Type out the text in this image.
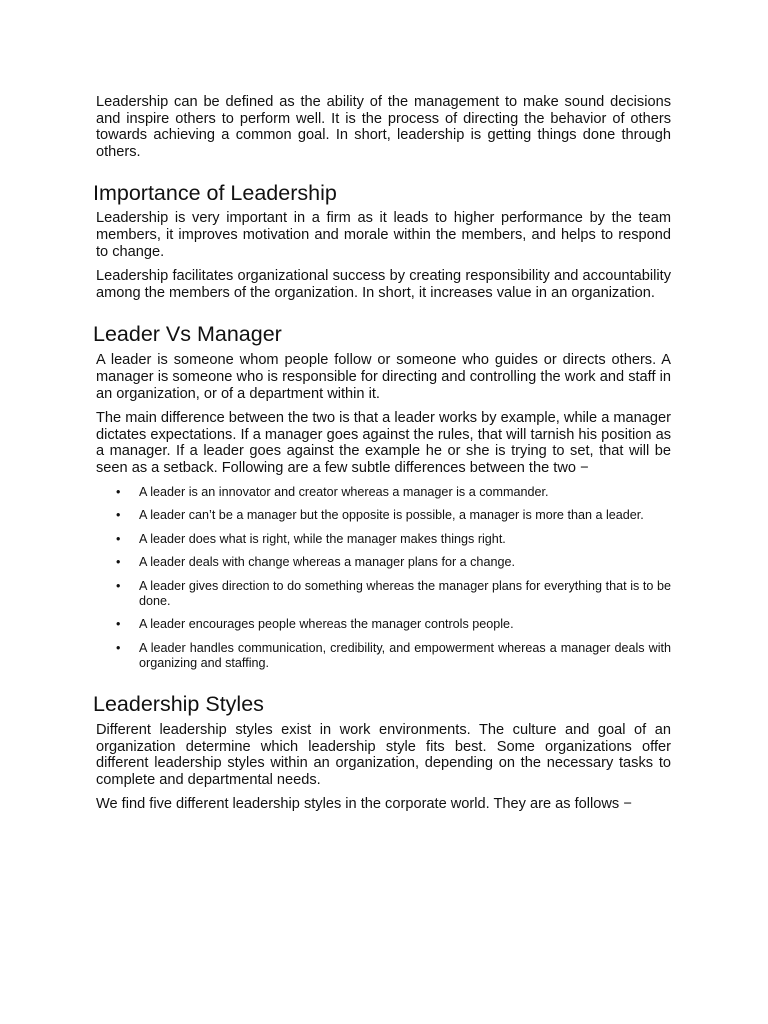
Leadership can be defined as the ability of the management to make sound decisions and inspire others to perform well. It is the process of directing the behavior of others towards achieving a common goal. In short, leadership is getting things done through others.

Importance of Leadership

Leadership is very important in a firm as it leads to higher performance by the team members, it improves motivation and morale within the members, and helps to respond to change.

Leadership facilitates organizational success by creating responsibility and accountability among the members of the organization. In short, it increases value in an organization.

Leader Vs Manager

A leader is someone whom people follow or someone who guides or directs others. A manager is someone who is responsible for directing and controlling the work and staff in an organization, or of a department within it.

The main difference between the two is that a leader works by example, while a manager dictates expectations. If a manager goes against the rules, that will tarnish his position as a manager. If a leader goes against the example he or she is trying to set, that will be seen as a setback. Following are a few subtle differences between the two −

• A leader is an innovator and creator whereas a manager is a commander.
• A leader can’t be a manager but the opposite is possible, a manager is more than a leader.
• A leader does what is right, while the manager makes things right.
• A leader deals with change whereas a manager plans for a change.
• A leader gives direction to do something whereas the manager plans for everything that is to be done.
• A leader encourages people whereas the manager controls people.
• A leader handles communication, credibility, and empowerment whereas a manager deals with organizing and staffing.
Leadership Styles

Different leadership styles exist in work environments. The culture and goal of an organization determine which leadership style fits best. Some organizations offer different leadership styles within an organization, depending on the necessary tasks to complete and departmental needs.

We find five different leadership styles in the corporate world. They are as follows −
